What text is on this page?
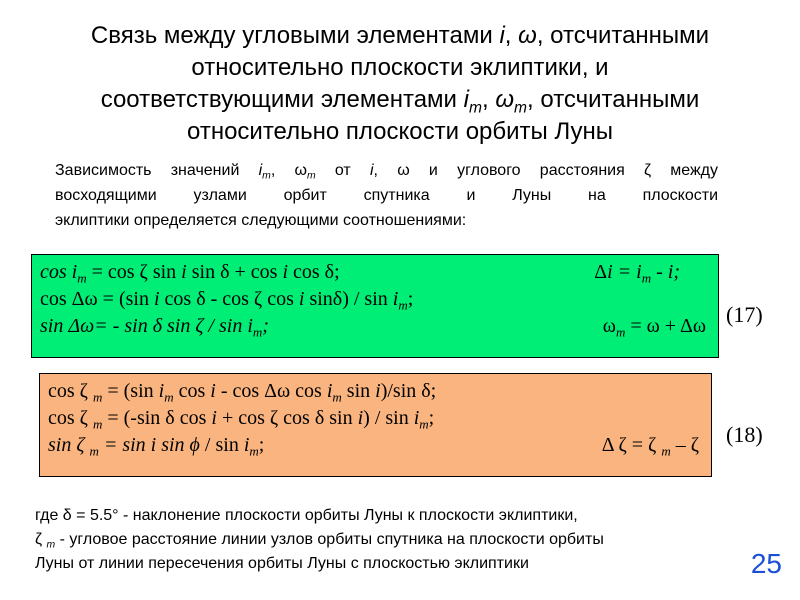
Связь между угловыми элементами i, ω, отсчитанными
относительно плоскости эклиптики, и
соответствующими элементами $i_m$, $\omega_m$, отсчитанными
относительно плоскости орбиты Луны
Зависимость значений $i_m$, $\omega_m$ от i, ω и углового расстояния ζ между
восходящими узлами орбит спутника и Луны на плоскости
эклиптики определяется следующими соотношениями:
$\cos i_m = \cos \zeta$ sin i sin δ + cos i cos δ;	$\Delta i = i_m - i$;
cos Δω = (sin i cos δ - cos ζ cos i $\sin\delta) / \sin i_m$;
sin Δω= - sin δ sin ζ / $\sin i_m$;	$\omega_m = \omega + \Delta\omega$ (17)
cos ζ $_m$ = (sin $i_m$ cos i - cos Δω $\cos i_m$ sin i)/sin δ;
cos ζ $_m$ = (-sin δ cos i + cos ζ cos δ $\sin i) / \sin i_m$;
sin ζ $_m$ = sin i sin ϕ / $\sin i_m$;	Δ ζ = ζ $_m$ – ζ (18)
где δ = 5.5° - наклонение плоскости орбиты Луны к плоскости эклиптики,
ζ $_m$ - угловое расстояние линии узлов орбиты спутника на плоскости орбиты
Луны от линии пересечения орбиты Луны с плоскостью эклиптики	25
